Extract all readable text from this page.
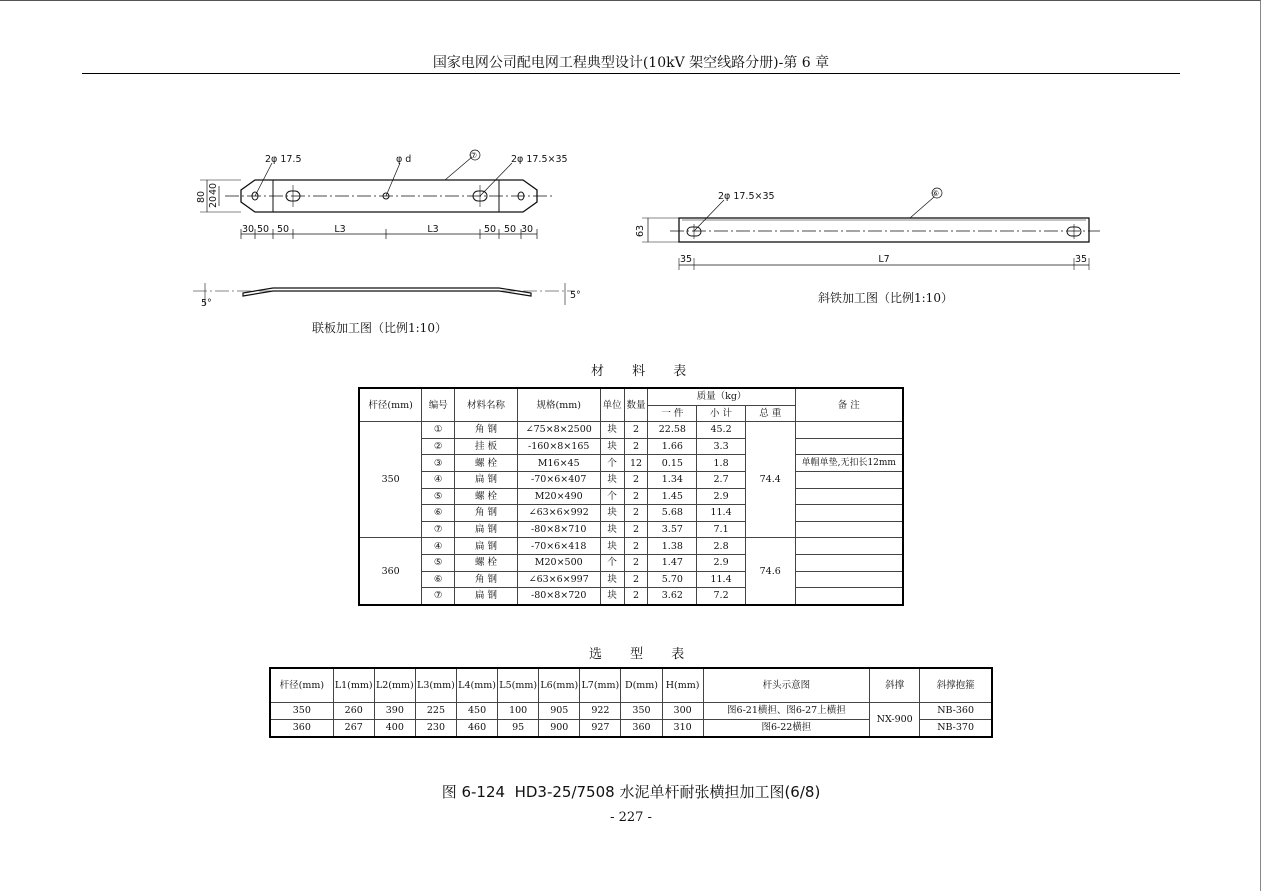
国家电网公司配电网工程典型设计(10kV 架空线路分册)-第 6 章
2φ 17.5	φ d	⑦	2φ 17.5×35
80 20
40
30 50 50	L3	L3	50 50 30
5°
5°
联板加工图（比例1:10）
2φ 17.5×35	⑥
63
35	L7	35
斜铁加工图（比例1:10）
材 料 表
杆径(mm)	编号	材料名称	规格(mm)	单位	数量	质量（kg）			备 注
						一 件	小 计	总 重	
350	①	角 钢	∠75×8×2500	块	2	22.58	45.2	74.4	
	②	挂 板	-160×8×165	块	2	1.66	3.3		
	③	螺 栓	M16×45	个	12	0.15	1.8		单帽单垫,无扣长12mm
	④	扁 钢	-70×6×407	块	2	1.34	2.7		
	⑤	螺 栓	M20×490	个	2	1.45	2.9		
	⑥	角 钢	∠63×6×992	块	2	5.68	11.4		
	⑦	扁 钢	-80×8×710	块	2	3.57	7.1		
360	④	扁 钢	-70×6×418	块	2	1.38	2.8	74.6	
	⑤	螺 栓	M20×500	个	2	1.47	2.9		
	⑥	角 钢	∠63×6×997	块	2	5.70	11.4		
	⑦	扁 钢	-80×8×720	块	2	3.62	7.2		
选 型 表
杆径(mm)	L1(mm)	L2(mm)	L3(mm)	L4(mm)	L5(mm)	L6(mm)	L7(mm)	D(mm)	H(mm)	杆头示意图	斜撑	斜撑抱箍
350	260	390	225	450	100	905	922	350	300	图6-21横担、图6-27上横担	NX-900	NB-360
360	267	400	230	460	95	900	927	360	310	图6-22横担		NB-370
图 6-124  HD3-25/7508 水泥单杆耐张横担加工图(6/8)
- 227 -
